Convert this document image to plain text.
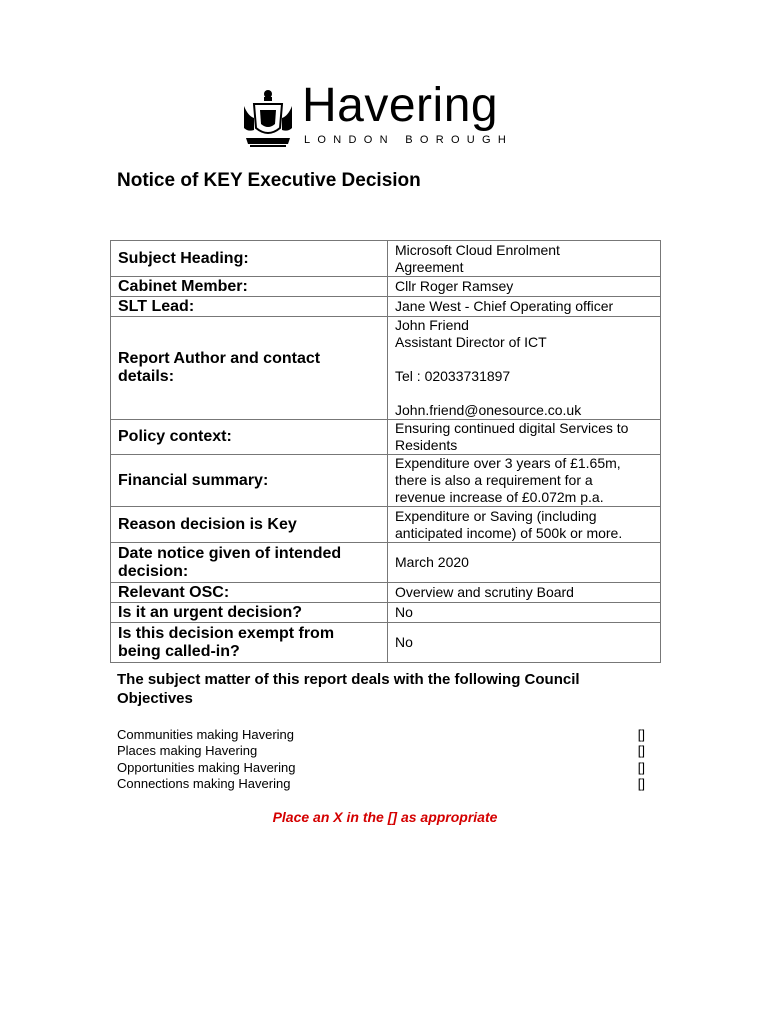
Havering
LONDON BOROUGH
Notice of KEY Executive Decision
Subject Heading:	Microsoft Cloud Enrolment
Agreement
Cabinet Member:	Cllr Roger Ramsey
SLT Lead:	Jane West - Chief Operating officer
Report Author and contact details:	John Friend
Assistant Director of ICT

Tel : 02033731897

John.friend@onesource.co.uk
Policy context:	Ensuring continued digital Services to
Residents
Financial summary:	Expenditure over 3 years of £1.65m,
there is also a requirement for a
revenue increase of £0.072m p.a.
Reason decision is Key	Expenditure or Saving (including
anticipated income) of 500k or more.
Date notice given of intended decision:	March 2020
Relevant OSC:	Overview and scrutiny Board
Is it an urgent decision?	No
Is this decision exempt from being called-in?	No

The subject matter of this report deals with the following Council Objectives

Communities making Havering	[]
Places making Havering	[]
Opportunities making Havering	[]
Connections making Havering	[]
Place an X in the [] as appropriate
